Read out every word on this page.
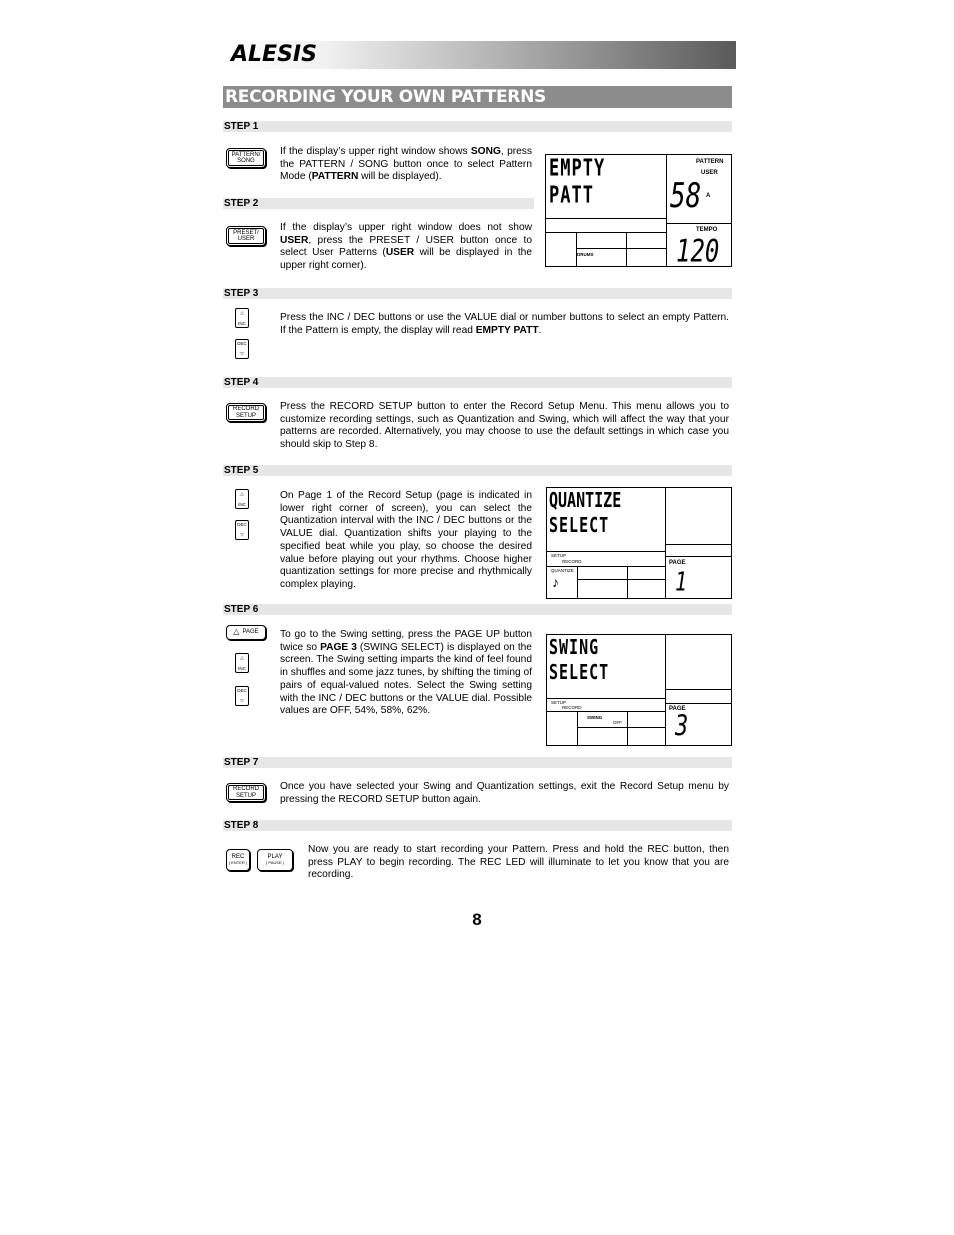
ALESIS
RECORDING YOUR OWN PATTERNS
STEP 1
PATTERN/
SONG
If the display’s upper right window shows SONG, press the PATTERN / SONG button once to select Pattern Mode (PATTERN will be displayed).
STEP 2
PRESET/
USER
If the display’s upper right window does not show USER, press the PRESET / USER button once to select User Patterns (USER will be displayed in the upper right corner).
EMPTY
PATT
PATTERN
USER
58 A
TEMPO
120
DRUMS
STEP 3
△
INC
DEC
▽
Press the INC / DEC buttons or use the VALUE dial or number buttons to select an empty Pattern. If the Pattern is empty, the display will read EMPTY PATT.
STEP 4
RECORD
SETUP
Press the RECORD SETUP button to enter the Record Setup Menu. This menu allows you to customize recording settings, such as Quantization and Swing, which will affect the way that your patterns are recorded. Alternatively, you may choose to use the default settings in which case you should skip to Step 8.
STEP 5
△
INC
DEC
▽
On Page 1 of the Record Setup (page is indicated in lower right corner of screen), you can select the Quantization interval with the INC / DEC buttons or the VALUE dial. Quantization shifts your playing to the specified beat while you play, so choose the desired value before playing out your rhythms. Choose higher quantization settings for more precise and rhythmically complex playing.
QUANTIZE
SELECT
SETUP
RECORD
QUANTIZE
♪
PAGE
1
STEP 6
△ PAGE
△
INC
DEC
▽
To go to the Swing setting, press the PAGE UP button twice so PAGE 3 (SWING SELECT) is displayed on the screen. The Swing setting imparts the kind of feel found in shuffles and some jazz tunes, by shifting the timing of pairs of equal-valued notes. Select the Swing setting with the INC / DEC buttons or the VALUE dial. Possible values are OFF, 54%, 58%, 62%.
SWING
SELECT
SETUP
RECORD
SWING
OFF
PAGE
3
STEP 7
RECORD
SETUP
Once you have selected your Swing and Quantization settings, exit the Record Setup menu by pressing the RECORD SETUP button again.
STEP 8
REC
( ENTER )
PLAY
( PAUSE )
Now you are ready to start recording your Pattern. Press and hold the REC button, then press PLAY to begin recording. The REC LED will illuminate to let you know that you are recording.
8
